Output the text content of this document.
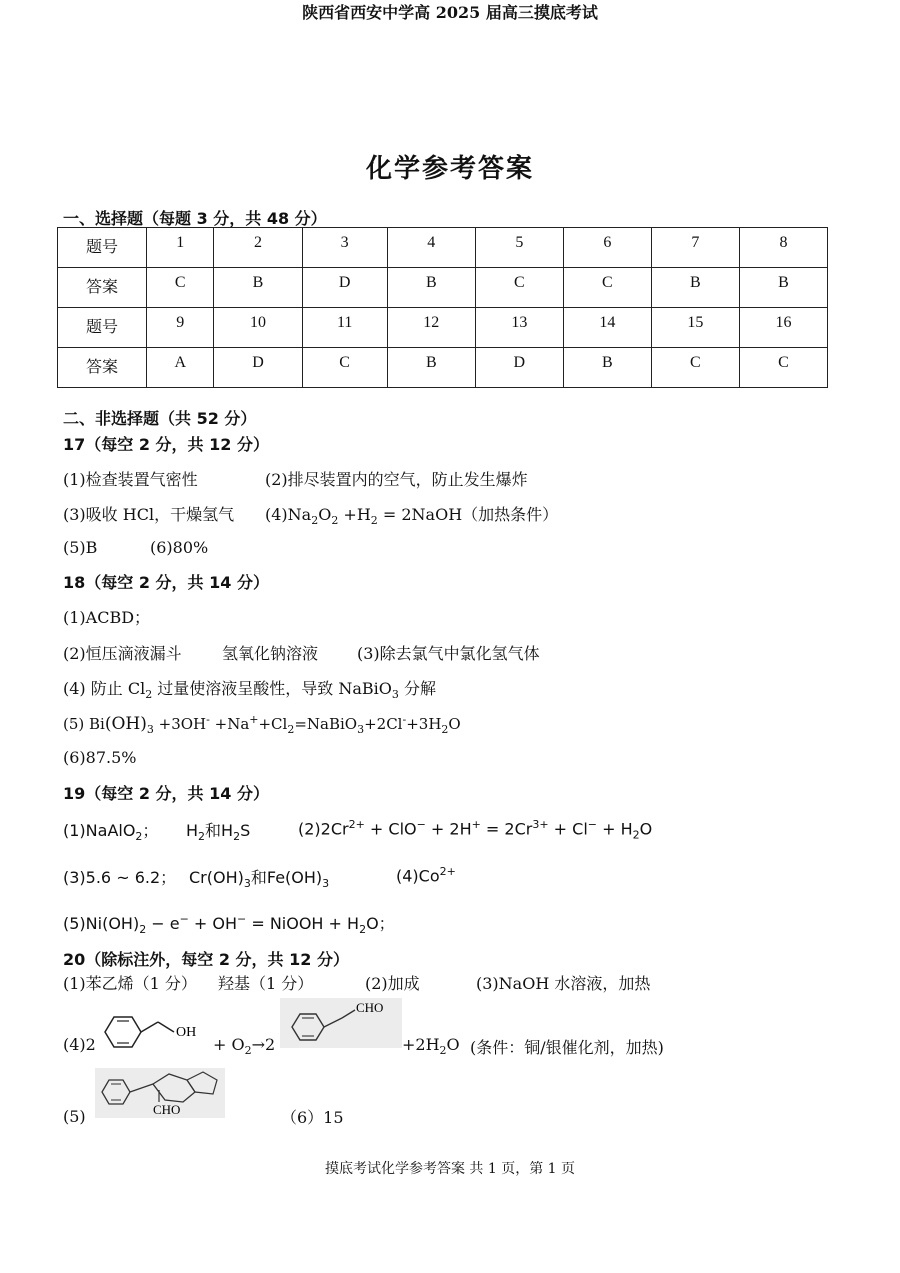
陕西省西安中学高 2025 届高三摸底考试
化学参考答案
一、选择题（每题 3 分，共 48 分）
题号	1	2	3	4	5	6	7	8
答案	C	B	D	B	C	C	B	B
题号	9	10	11	12	13	14	15	16
答案	A	D	C	B	D	B	C	C
二、非选择题（共 52 分）
17（每空 2 分，共 12 分）
(1)检查装置气密性	(2)排尽装置内的空气，防止发生爆炸
(3)吸收 HCl，干燥氢气 $(4)Na_2O_2 +H_2$ = 2NaOH（加热条件）
(5)B	(6)80%
18（每空 2 分，共 14 分）
(1)ACBD；
(2)恒压滴液漏斗	氢氧化钠溶液 (3)除去氯气中氯化氢气体
(4) 防止 $Cl_2$ 过量使溶液呈酸性，导致 NaBiO$_3$ 分解
(5) $Bi(OH)_3 +3OH^-$ $+Na^++Cl_2=NaBiO_3+2Cl^-+3H_2O$
(6)87.5%
19（每空 2 分，共 14 分）
(1)NaAlO$_2$； $H_2$和$H_2S$	$(2)2Cr^{2+} + ClO^- + 2H^+ = 2Cr^{3+} + Cl^- + H_2O$
(3)5.6 ~ 6.2； $Cr(OH)_3$和$Fe(OH)_3$	$(4)Co^{2+}$
$(5)Ni(OH)_2 - e^- + OH^-$ = NiOOH + $H_2O$；
20（除标注外，每空 2 分，共 12 分）
(1)苯乙烯（1 分） 羟基（1 分）	(2)加成	(3)NaOH 水溶液，加热
(4)2
OH
+ $O_2\to 2$
CHO
$+2H_2O$ (条件：铜/银催化剂，加热)
(5)	CHO	（6）15
摸底考试化学参考答案 共 1 页，第 1 页
